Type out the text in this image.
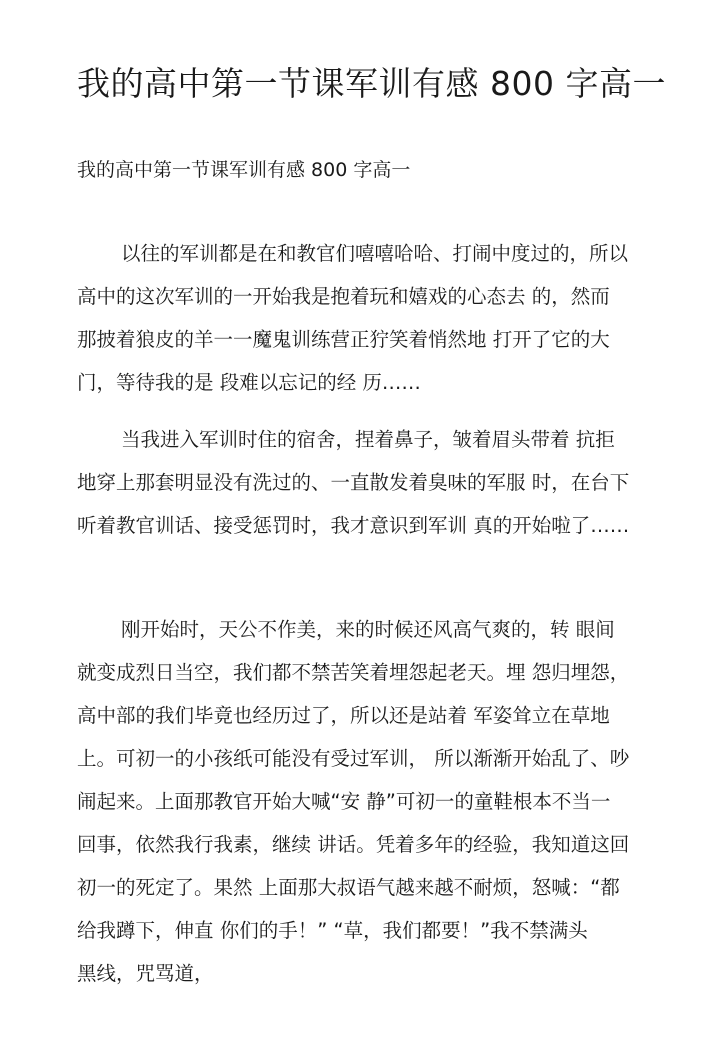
我的高中第一节课军训有感 800 字高一
我的高中第一节课军训有感 800 字高一
以往的军训都是在和教官们嘻嘻哈哈、打闹中度过的，所以
高中的这次军训的一开始我是抱着玩和嬉戏的心态去 的，然而
那披着狼皮的羊一一魔鬼训练营正狞笑着悄然地 打开了它的大
门，等待我的是 段难以忘记的经 历……
当我进入军训时住的宿舍，捏着鼻子，皱着眉头带着 抗拒
地穿上那套明显没有洗过的、一直散发着臭味的军服 时，在台下
听着教官训话、接受惩罚时，我才意识到军训 真的开始啦了……
刚开始时，天公不作美，来的时候还风高气爽的，转 眼间
就变成烈日当空，我们都不禁苦笑着埋怨起老天。埋 怨归埋怨，
高中部的我们毕竟也经历过了，所以还是站着 军姿耸立在草地
上。可初一的小孩纸可能没有受过军训， 所以渐渐开始乱了、吵
闹起来。上面那教官开始大喊“安 静”可初一的童鞋根本不当一
回事，依然我行我素，继续 讲话。凭着多年的经验，我知道这回
初一的死定了。果然 上面那大叔语气越来越不耐烦，怒喊：“都
给我蹲下，伸直 你们的手！” “草，我们都要！”我不禁满头
黑线，咒骂道，
